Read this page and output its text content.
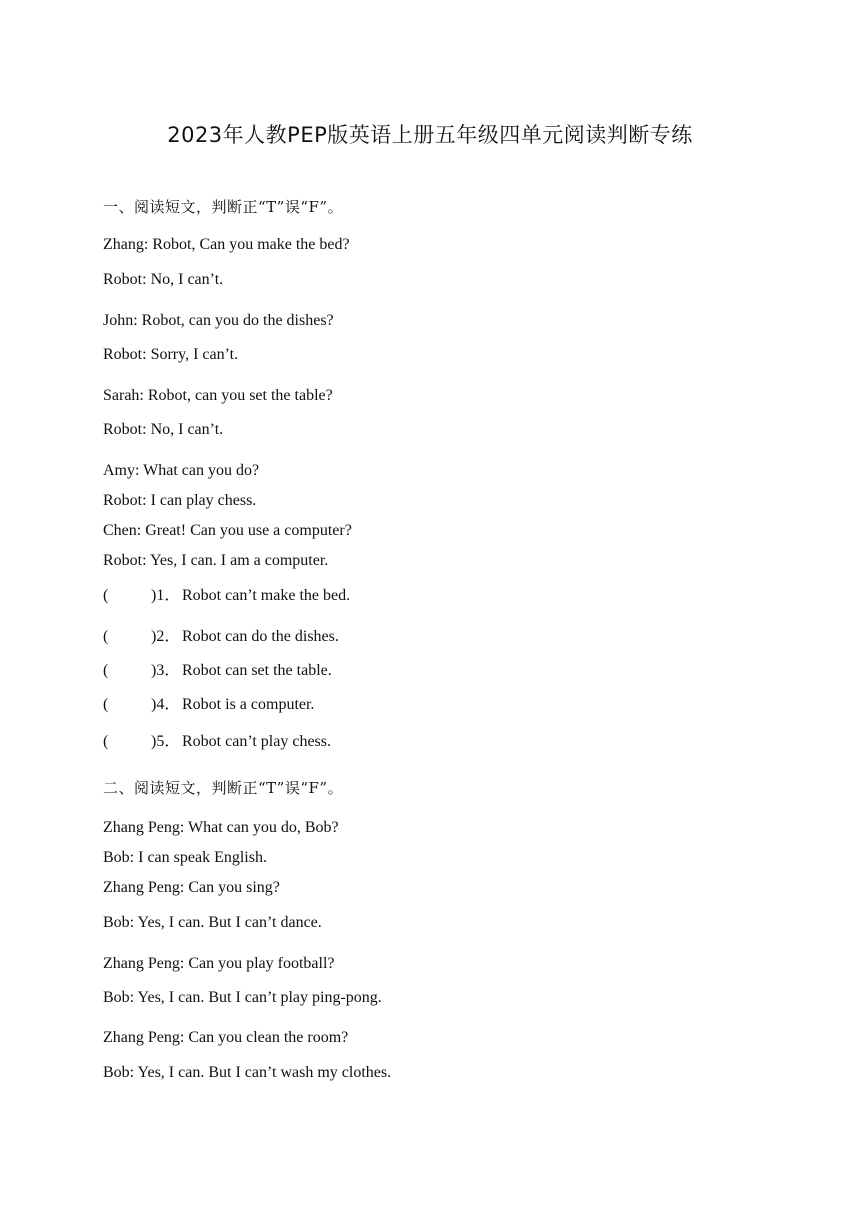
2023年人教PEP版英语上册五年级四单元阅读判断专练
一、阅读短文，判断正“T”误“F”。
Zhang: Robot, Can you make the bed?
Robot: No, I can’t.
John: Robot, can you do the dishes?
Robot: Sorry, I can’t.
Sarah: Robot, can you set the table?
Robot: No, I can’t.
Amy: What can you do?
Robot: I can play chess.
Chen: Great! Can you use a computer?
Robot: Yes, I can. I am a computer.
(	)1． Robot can’t make the bed.
(	)2． Robot can do the dishes.
(	)3． Robot can set the table.
(	)4． Robot is a computer.
(	)5． Robot can’t play chess.
二、阅读短文，判断正“T”误“F”。
Zhang Peng: What can you do, Bob?
Bob: I can speak English.
Zhang Peng: Can you sing?
Bob: Yes, I can. But I can’t dance.
Zhang Peng: Can you play football?
Bob: Yes, I can. But I can’t play ping-pong.
Zhang Peng: Can you clean the room?
Bob: Yes, I can. But I can’t wash my clothes.
